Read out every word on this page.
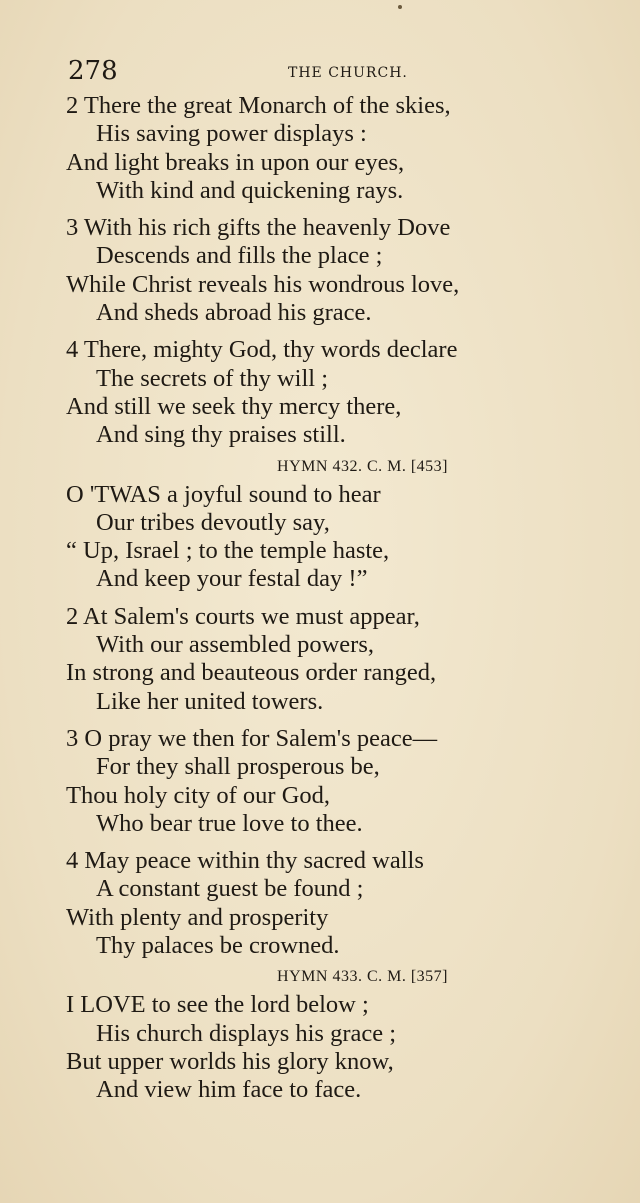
278	THE CHURCH.
2 There the great Monarch of the skies,
His saving power displays :
And light breaks in upon our eyes,
With kind and quickening rays.
3 With his rich gifts the heavenly Dove
Descends and fills the place ;
While Christ reveals his wondrous love,
And sheds abroad his grace.
4 There, mighty God, thy words declare
The secrets of thy will ;
And still we seek thy mercy there,
And sing thy praises still.
HYMN 432. C. M. [453]
O 'TWAS a joyful sound to hear
Our tribes devoutly say,
“ Up, Israel ; to the temple haste,
And keep your festal day !”
2 At Salem's courts we must appear,
With our assembled powers,
In strong and beauteous order ranged,
Like her united towers.
3 O pray we then for Salem's peace—
For they shall prosperous be,
Thou holy city of our God,
Who bear true love to thee.
4 May peace within thy sacred walls
A constant guest be found ;
With plenty and prosperity
Thy palaces be crowned.
HYMN 433. C. M. [357]
I LOVE to see the lord below ;
His church displays his grace ;
But upper worlds his glory know,
And view him face to face.
